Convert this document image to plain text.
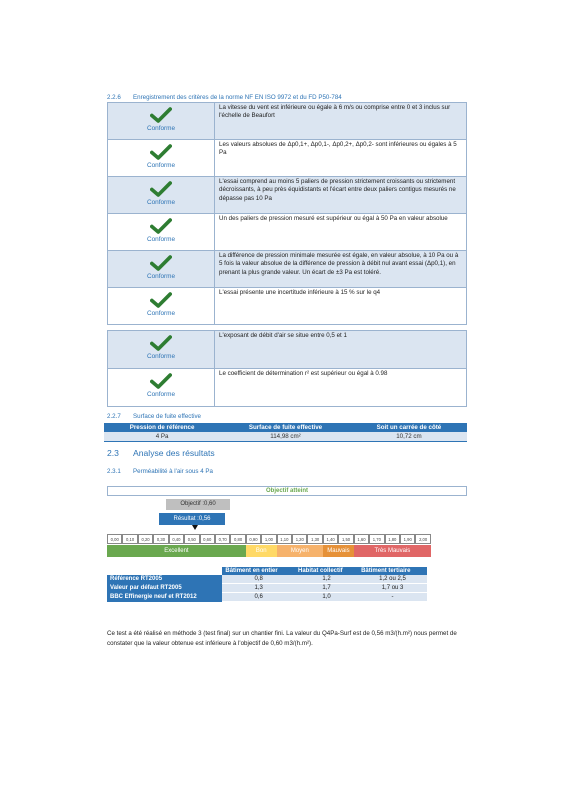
2.2.6 Enregistrement des critères de la norme NF EN ISO 9972 et du FD P50-784
Conforme	La vitesse du vent est inférieure ou égale à 6 m/s ou comprise entre 0 et 3 inclus sur l'échelle de Beaufort

Conforme	Les valeurs absolues de Δp0,1+, Δp0,1-, Δp0,2+, Δp0,2- sont inférieures ou égales à 5 Pa

Conforme	L'essai comprend au moins 5 paliers de pression strictement croissants ou strictement décroissants, à peu près équidistants et l'écart entre deux paliers contigus mesurés ne dépasse pas 10 Pa

Conforme	Un des paliers de pression mesuré est supérieur ou égal à 50 Pa en valeur absolue

Conforme	La différence de pression minimale mesurée est égale, en valeur absolue, à 10 Pa ou à 5 fois la valeur absolue de la différence de pression à débit nul avant essai (Δp0,1), en prenant la plus grande valeur. Un écart de ±3 Pa est toléré.

Conforme	L'essai présente une incertitude inférieure à 15 % sur le q4
Conforme	L'exposant de débit d'air se situe entre 0,5 et 1

Conforme	Le coefficient de détermination r² est supérieur ou égal à 0.98
2.2.7 Surface de fuite effective
Pression de référence	Surface de fuite effective	Soit un carrée de côté
4 Pa	114,98 cm²	10,72 cm
2.3 Analyse des résultats
2.3.1 Perméabilité à l'air sous 4 Pa
Objectif atteint
Objectif :0,60
Résultat :0,56
0,00	0,10	0,20	0,30	0,40	0,50	0,60	0,70	0,80	0,90	1,00	1,10	1,20	1,30	1,40	1,50	1,60	1,70	1,80	1,90	2,00
Excellent	Bon	Moyen	Mauvais	Très Mauvais
	Bâtiment en entier	Habitat collectif	Bâtiment tertiaire
Référence RT2005	0,8	1,2	1,2 ou 2,5
Valeur par défaut RT2005	1,3	1,7	1,7 ou 3
BBC Effinergie neuf et RT2012	0,6	1,0	-

Ce test a été réalisé en méthode 3 (test final) sur un chantier fini. La valeur du Q4Pa-Surf est de 0,56 m3/(h.m²) nous permet de constater que la valeur obtenue est inférieure à l'objectif de 0,60 m3/(h.m²).
